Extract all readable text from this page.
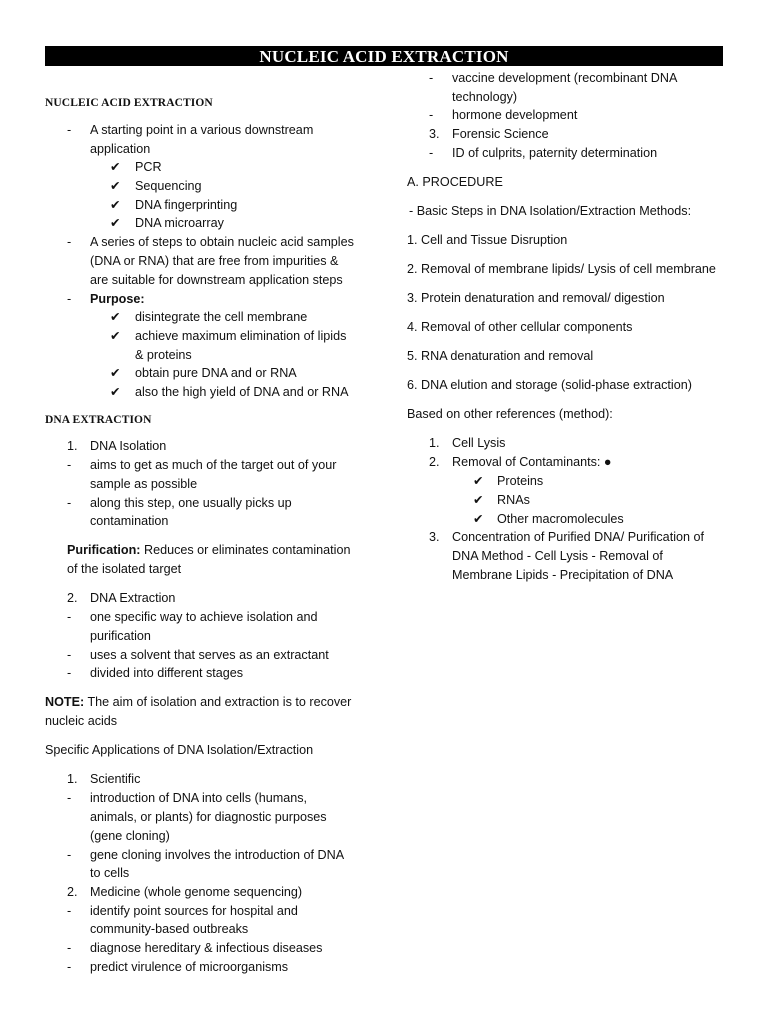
NUCLEIC ACID EXTRACTION
NUCLEIC ACID EXTRACTION
- A starting point in a various downstream
application
✔ PCR
✔ Sequencing
✔ DNA fingerprinting
✔ DNA microarray
- A series of steps to obtain nucleic acid samples
(DNA or RNA) that are free from impurities &
are suitable for downstream application steps
- Purpose:
✔ disintegrate the cell membrane
✔ achieve maximum elimination of lipids
& proteins
✔ obtain pure DNA and or RNA
✔ also the high yield of DNA and or RNA
DNA EXTRACTION
1. DNA Isolation
- aims to get as much of the target out of your
sample as possible
- along this step, one usually picks up
contamination
Purification: Reduces or eliminates contamination
of the isolated target
2. DNA Extraction
- one specific way to achieve isolation and
purification
- uses a solvent that serves as an extractant
- divided into different stages
NOTE: The aim of isolation and extraction is to recover
nucleic acids
Specific Applications of DNA Isolation/Extraction
1. Scientific
- introduction of DNA into cells (humans,
animals, or plants) for diagnostic purposes
(gene cloning)
- gene cloning involves the introduction of DNA
to cells
2. Medicine (whole genome sequencing)
- identify point sources for hospital and
community-based outbreaks
- diagnose hereditary & infectious diseases
- predict virulence of microorganisms
- vaccine development (recombinant DNA
technology)
- hormone development
3. Forensic Science
- ID of culprits, paternity determination
A. PROCEDURE
- Basic Steps in DNA Isolation/Extraction Methods:
1. Cell and Tissue Disruption
2. Removal of membrane lipids/ Lysis of cell membrane
3. Protein denaturation and removal/ digestion
4. Removal of other cellular components
5. RNA denaturation and removal
6. DNA elution and storage (solid-phase extraction)
Based on other references (method):
1. Cell Lysis
2. Removal of Contaminants: ●
✔ Proteins
✔ RNAs
✔ Other macromolecules
3. Concentration of Purified DNA/ Purification of
DNA Method - Cell Lysis - Removal of
Membrane Lipids - Precipitation of DNA
